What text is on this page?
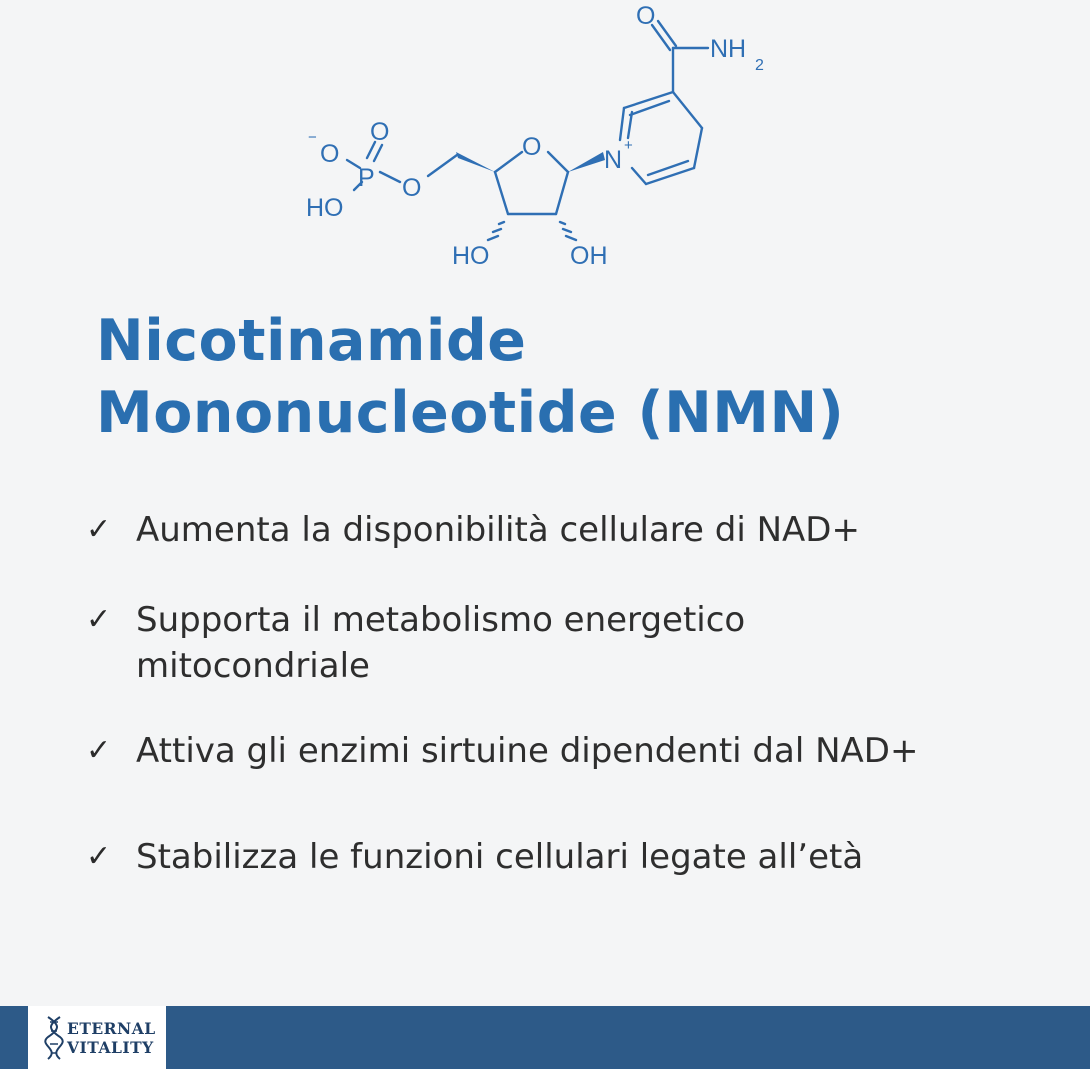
O
NH
2
N
+
O
O
P
O
− O
HO
HO	OH
Nicotinamide
Mononucleotide (NMN)
✓ Aumenta la disponibilità cellulare di NAD+
✓ Supporta il metabolismo energetico
mitocondriale
✓ Attiva gli enzimi sirtuine dipendenti dal NAD+
✓ Stabilizza le funzioni cellulari legate all’età
ETERNAL
VITALITY
